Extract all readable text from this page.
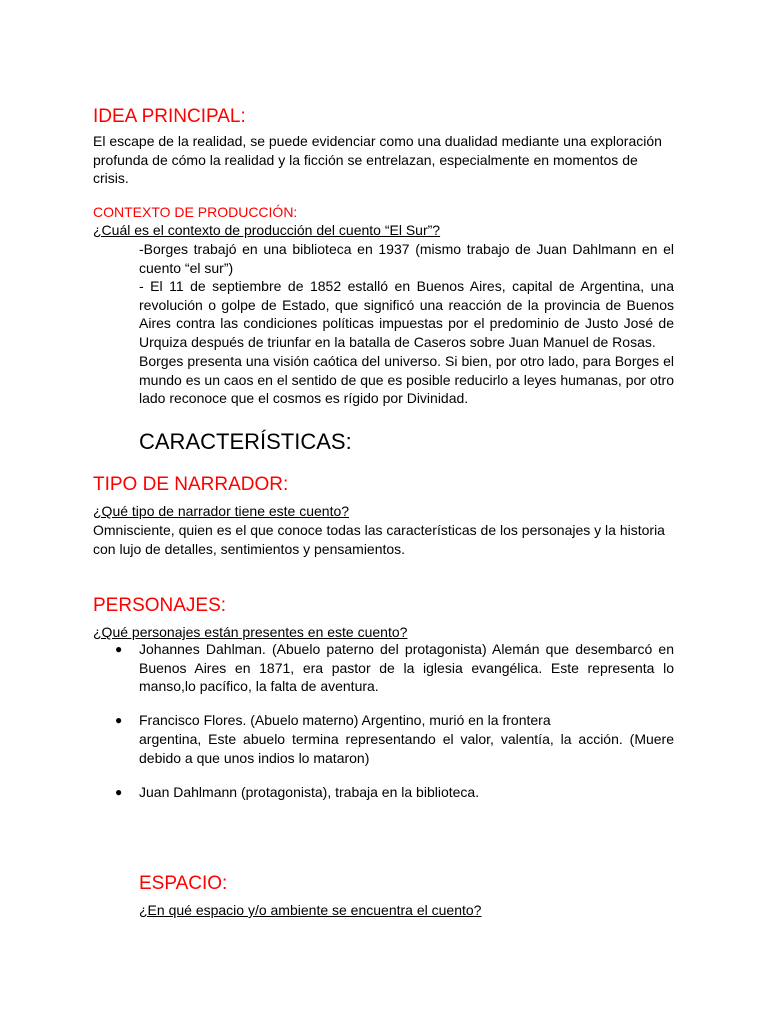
IDEA PRINCIPAL:
El escape de la realidad, se puede evidenciar como una dualidad mediante una exploración profunda de cómo la realidad y la ficción se entrelazan, especialmente en momentos de crisis.
CONTEXTO DE PRODUCCIÓN:
¿Cuál es el contexto de producción del cuento “El Sur”?
-Borges trabajó en una biblioteca en 1937 (mismo trabajo de Juan Dahlmann en el cuento “el sur”)
- El 11 de septiembre de 1852 estalló en Buenos Aires, capital de Argentina, una revolución o golpe de Estado, que significó una reacción de la provincia de Buenos Aires contra las condiciones políticas impuestas por el predominio de Justo José de Urquiza después de triunfar en la batalla de Caseros sobre Juan Manuel de Rosas.
Borges presenta una visión caótica del universo. Si bien, por otro lado, para Borges el mundo es un caos en el sentido de que es posible reducirlo a leyes humanas, por otro lado reconoce que el cosmos es rígido por Divinidad.
CARACTERÍSTICAS:
TIPO DE NARRADOR:
¿Qué tipo de narrador tiene este cuento?
Omnisciente, quien es el que conoce todas las características de los personajes y la historia con lujo de detalles, sentimientos y pensamientos.
PERSONAJES:
¿Qué personajes están presentes en este cuento?
● Johannes Dahlman. (Abuelo paterno del protagonista) Alemán que desembarcó en Buenos Aires en 1871, era pastor de la iglesia evangélica. Este representa lo manso,lo pacífico, la falta de aventura.
● Francisco Flores. (Abuelo materno) Argentino, murió en la frontera
argentina, Este abuelo termina representando el valor, valentía, la acción. (Muere debido a que unos indios lo mataron)
● Juan Dahlmann (protagonista), trabaja en la biblioteca.
ESPACIO:
¿En qué espacio y/o ambiente se encuentra el cuento?
